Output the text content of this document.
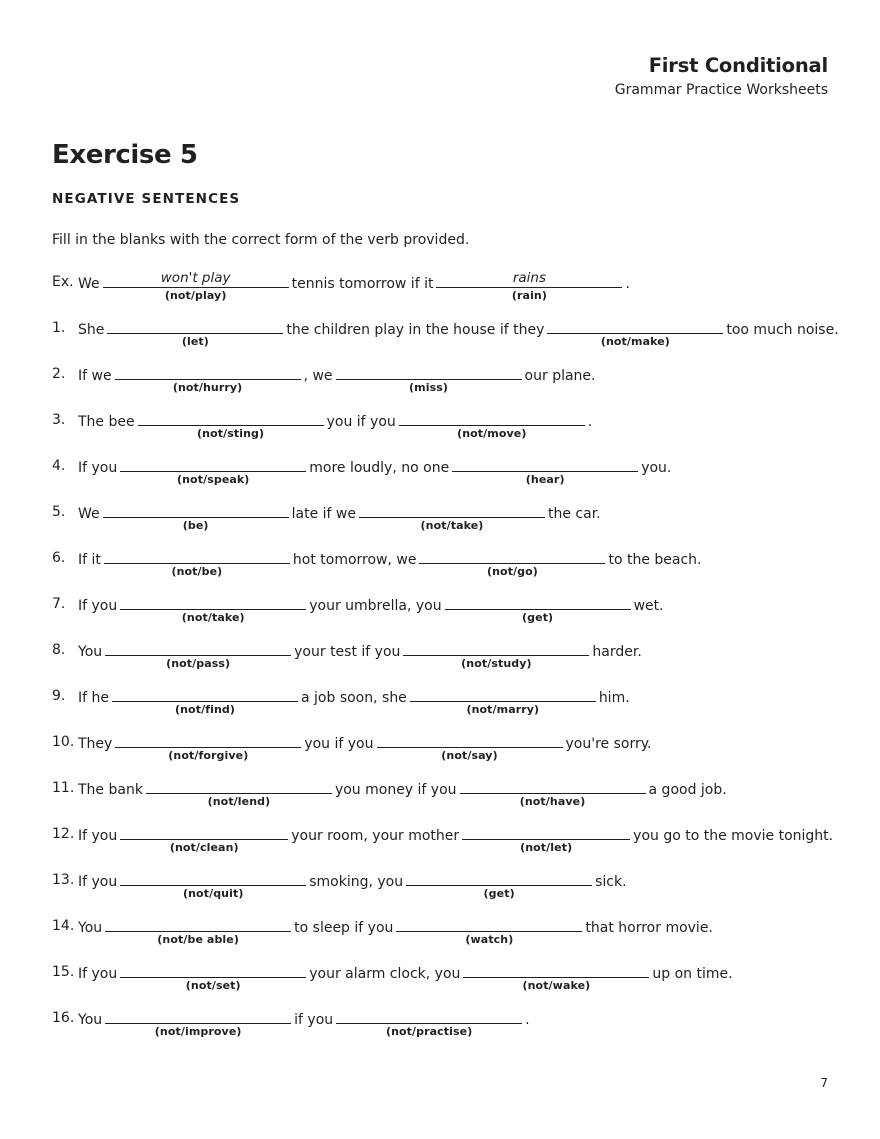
First Conditional
Grammar Practice Worksheets
Exercise 5
NEGATIVE SENTENCES
Fill in the blanks with the correct form of the verb provided.
Ex. We	won't play
(not/play)
tennis tomorrow if it	rains
(rain)
.
1. She
(let)
the children play in the house if they
(not/make)
too much noise.
2. If we
(not/hurry)
, we
(miss)
our plane.
3. The bee
(not/sting)
you if you
(not/move)
.
4. If you
(not/speak)
more loudly, no one
(hear)
you.
5. We
(be)
late if we
(not/take)
the car.
6. If it
(not/be)
hot tomorrow, we
(not/go)
to the beach.
7. If you
(not/take)
your umbrella, you
(get)
wet.
8. You
(not/pass)
your test if you
(not/study)
harder.
9. If he
(not/find)
a job soon, she
(not/marry)
him.
10. They
(not/forgive)
you if you
(not/say)
you're sorry.
11. The bank
(not/lend)
you money if you
(not/have)
a good job.
12. If you
(not/clean)
your room, your mother
(not/let)
you go to the movie tonight.
13. If you
(not/quit)
smoking, you
(get)
sick.
14. You
(not/be able)
to sleep if you
(watch)
that horror movie.
15. If you
(not/set)
your alarm clock, you
(not/wake)
up on time.
16. You
(not/improve)
if you
(not/practise)
.
7
